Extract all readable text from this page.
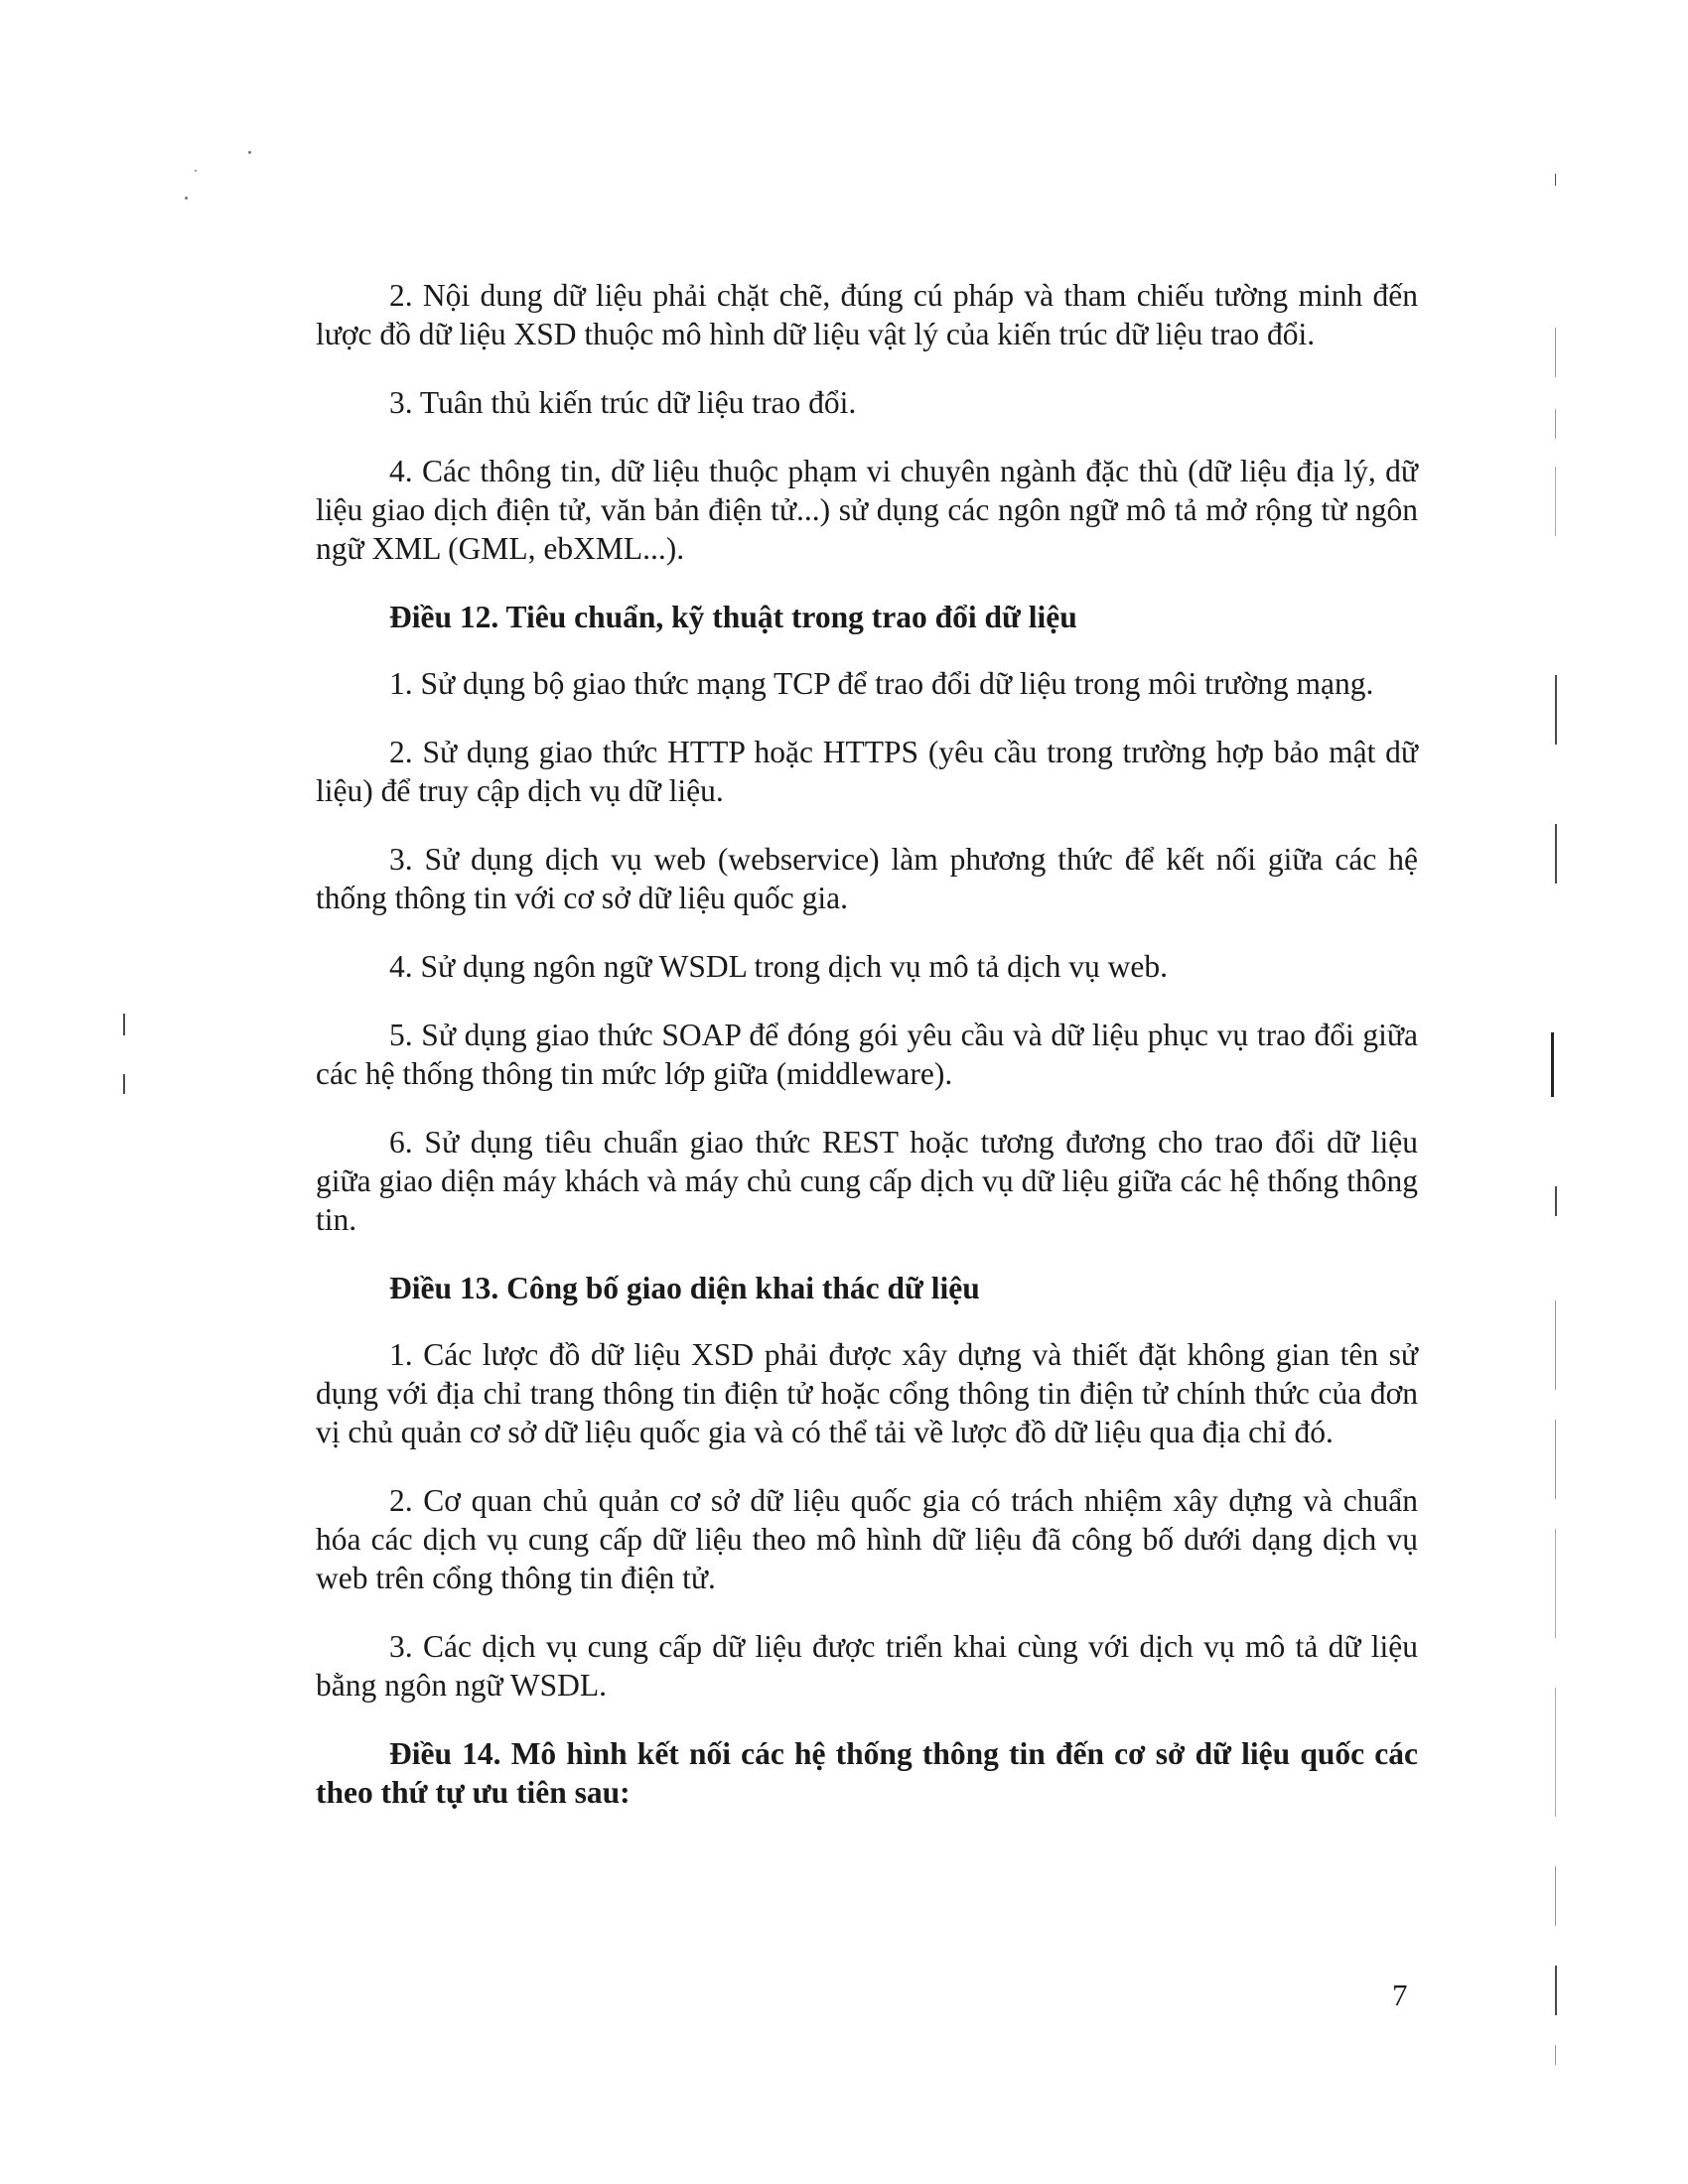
2. Nội dung dữ liệu phải chặt chẽ, đúng cú pháp và tham chiếu tường minh đến lược đồ dữ liệu XSD thuộc mô hình dữ liệu vật lý của kiến trúc dữ liệu trao đổi.

3. Tuân thủ kiến trúc dữ liệu trao đổi.

4. Các thông tin, dữ liệu thuộc phạm vi chuyên ngành đặc thù (dữ liệu địa lý, dữ liệu giao dịch điện tử, văn bản điện tử...) sử dụng các ngôn ngữ mô tả mở rộng từ ngôn ngữ XML (GML, ebXML...).

Điều 12. Tiêu chuẩn, kỹ thuật trong trao đổi dữ liệu

1. Sử dụng bộ giao thức mạng TCP để trao đổi dữ liệu trong môi trường mạng.

2. Sử dụng giao thức HTTP hoặc HTTPS (yêu cầu trong trường hợp bảo mật dữ liệu) để truy cập dịch vụ dữ liệu.

3. Sử dụng dịch vụ web (webservice) làm phương thức để kết nối giữa các hệ thống thông tin với cơ sở dữ liệu quốc gia.

4. Sử dụng ngôn ngữ WSDL trong dịch vụ mô tả dịch vụ web.

5. Sử dụng giao thức SOAP để đóng gói yêu cầu và dữ liệu phục vụ trao đổi giữa các hệ thống thông tin mức lớp giữa (middleware).

6. Sử dụng tiêu chuẩn giao thức REST hoặc tương đương cho trao đổi dữ liệu giữa giao diện máy khách và máy chủ cung cấp dịch vụ dữ liệu giữa các hệ thống thông tin.

Điều 13. Công bố giao diện khai thác dữ liệu

1. Các lược đồ dữ liệu XSD phải được xây dựng và thiết đặt không gian tên sử dụng với địa chỉ trang thông tin điện tử hoặc cổng thông tin điện tử chính thức của đơn vị chủ quản cơ sở dữ liệu quốc gia và có thể tải về lược đồ dữ liệu qua địa chỉ đó.

2. Cơ quan chủ quản cơ sở dữ liệu quốc gia có trách nhiệm xây dựng và chuẩn hóa các dịch vụ cung cấp dữ liệu theo mô hình dữ liệu đã công bố dưới dạng dịch vụ web trên cổng thông tin điện tử.

3. Các dịch vụ cung cấp dữ liệu được triển khai cùng với dịch vụ mô tả dữ liệu bằng ngôn ngữ WSDL.

Điều 14. Mô hình kết nối các hệ thống thông tin đến cơ sở dữ liệu quốc các theo thứ tự ưu tiên sau:

7
